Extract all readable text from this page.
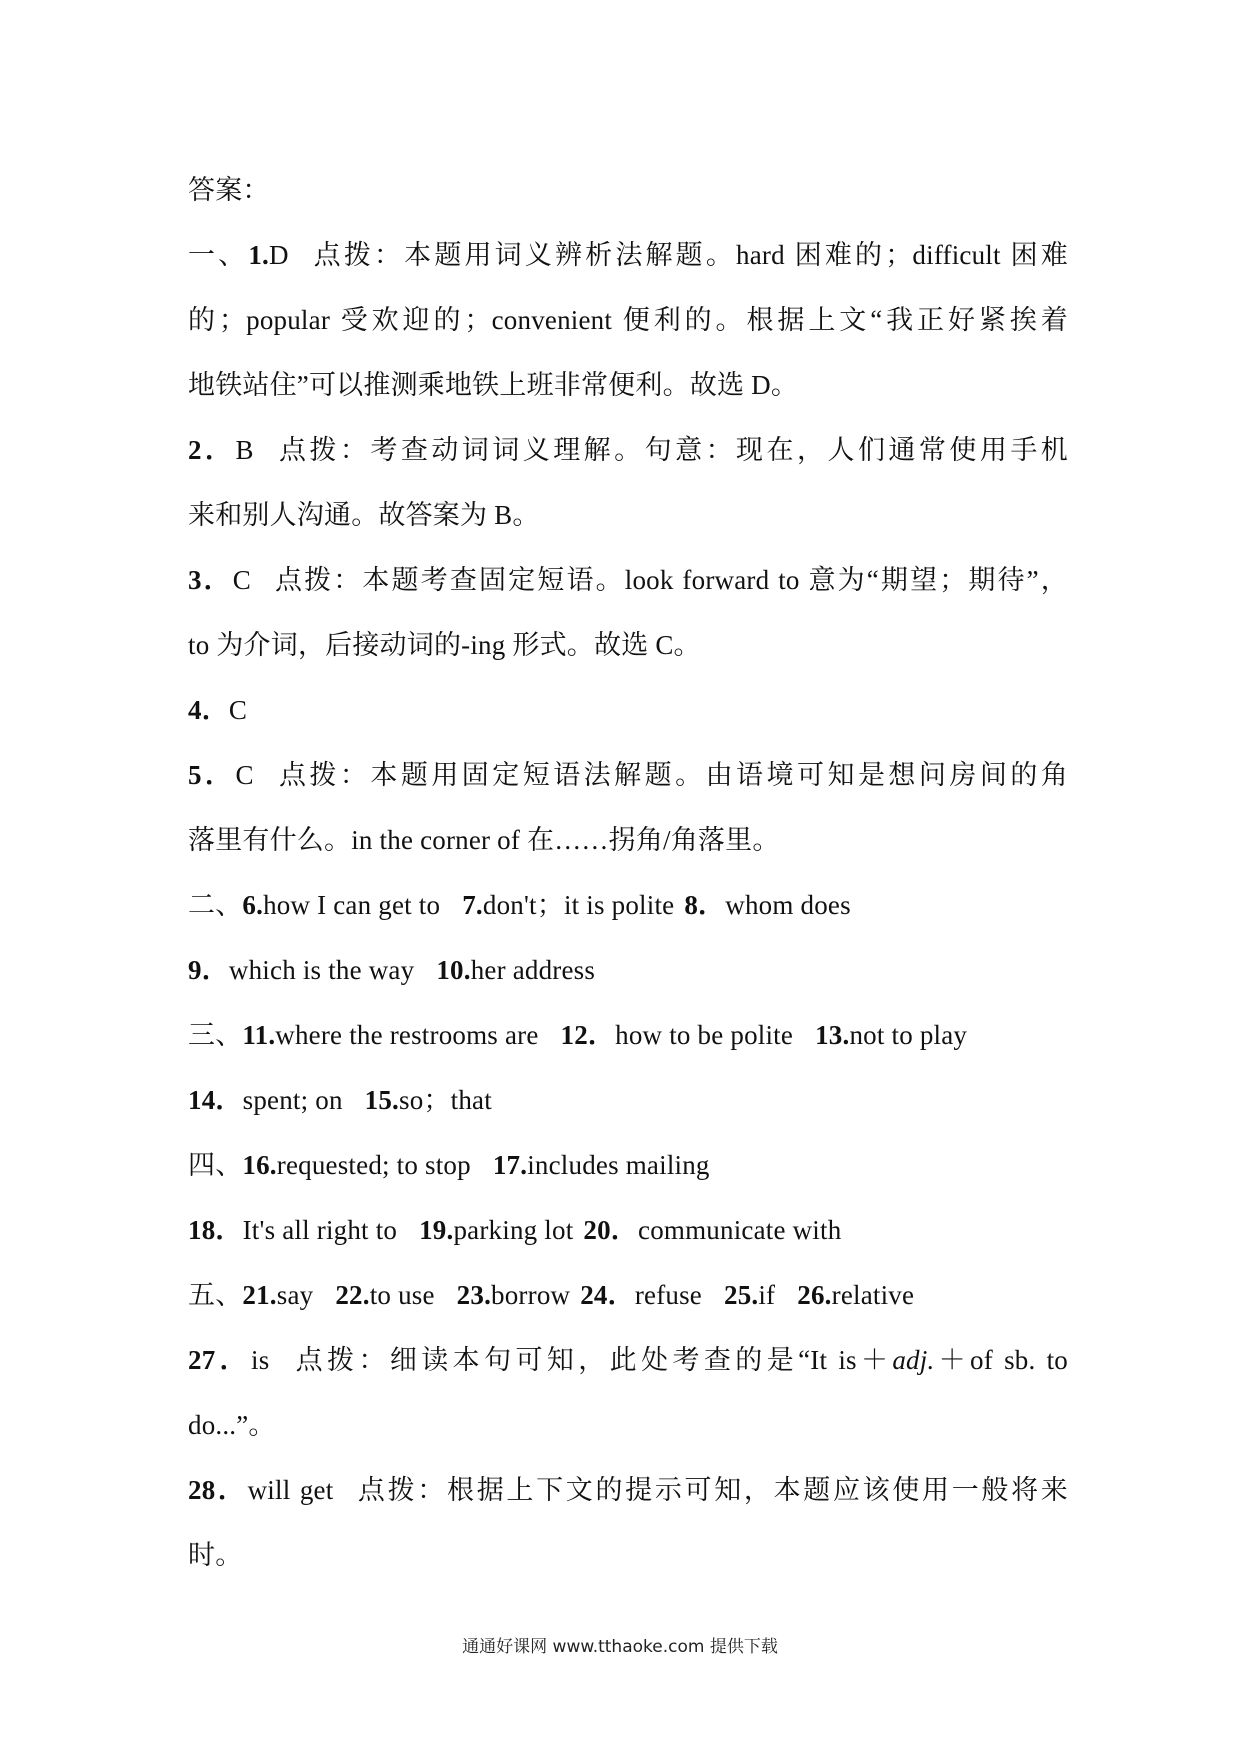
答案：
一、1.D 点拨：本题用词义辨析法解题。hard 困难的；difficult 困难
的；popular 受欢迎的；convenient 便利的。根据上文“我正好紧挨着
地铁站住”可以推测乘地铁上班非常便利。故选 D。
2．B 点拨：考查动词词义理解。句意：现在，人们通常使用手机
来和别人沟通。故答案为 B。
3．C 点拨：本题考查固定短语。look forward to 意为“期望；期待”，
to 为介词，后接动词的-ing 形式。故选 C。
4．C
5．C 点拨：本题用固定短语法解题。由语境可知是想问房间的角
落里有什么。in the corner of 在……拐角/角落里。
二、6.how I can get to 7.don't；it is polite 8．whom does
9．which is the way 10.her address
三、11.where the restrooms are 12．how to be polite 13.not to play
14．spent; on 15.so；that
四、16.requested; to stop 17.includes mailing
18．It's all right to 19.parking lot 20．communicate with
五、21.say 22.to use 23.borrow 24．refuse 25.if 26.relative
27．is 点拨：细读本句可知，此处考查的是“It is＋adj.＋of sb. to
do...”。
28．will get 点拨：根据上下文的提示可知，本题应该使用一般将来
时。
通通好课网 www.tthaoke.com 提供下载
